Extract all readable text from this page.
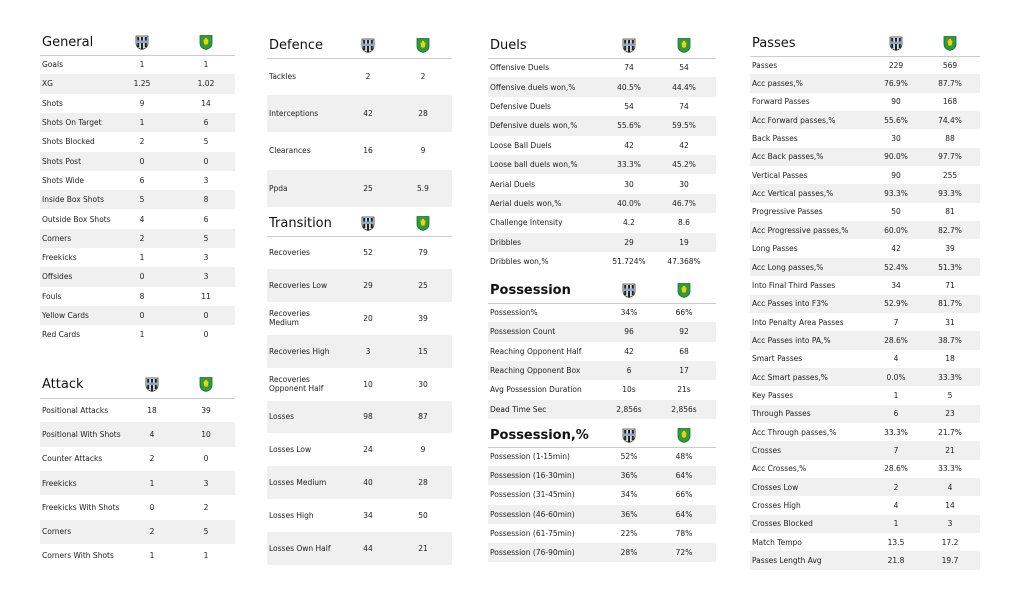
General
Goals	1	1
XG	1.25	1.02
Shots	9	14
Shots On Target	1	6
Shots Blocked	2	5
Shots Post	0	0
Shots Wide	6	3
Inside Box Shots	5	8
Outside Box Shots	4	6
Corners	2	5
Freekicks	1	3
Offsides	0	3
Fouls	8	11
Yellow Cards	0	0
Red Cards	1	0
Attack
Positional Attacks	18	39
Positional With Shots	4	10
Counter Attacks	2	0
Freekicks	1	3
Freekicks With Shots	0	2
Corners	2	5
Corners With Shots	1	1
Defence
Tackles	2	2
Interceptions	42	28
Clearances	16	9
Ppda	25	5.9
Transition
Recoveries	52	79
Recoveries Low	29	25
Recoveries Medium	20	39
Recoveries High	3	15
Recoveries Opponent Half	10	30
Losses	98	87
Losses Low	24	9
Losses Medium	40	28
Losses High	34	50
Losses Own Half	44	21
Duels
Offensive Duels	74	54
Offensive duels won,%	40.5%	44.4%
Defensive Duels	54	74
Defensive duels won,%	55.6%	59.5%
Loose Ball Duels	42	42
Loose ball duels won,%	33.3%	45.2%
Aerial Duels	30	30
Aerial duels won,%	40.0%	46.7%
Challenge Intensity	4.2	8.6
Dribbles	29	19
Dribbles won,%	51.724%	47.368%
Possession
Possession%	34%	66%
Possession Count	96	92
Reaching Opponent Half	42	68
Reaching Opponent Box	6	17
Avg Possession Duration	10s	21s
Dead Time Sec	2,856s	2,856s
Possession,%
Possession (1-15min)	52%	48%
Possession (16-30min)	36%	64%
Possession (31-45min)	34%	66%
Possession (46-60min)	36%	64%
Possession (61-75min)	22%	78%
Possession (76-90min)	28%	72%
Passes
Passes	229	569
Acc passes,%	76.9%	87.7%
Forward Passes	90	168
Acc Forward passes,%	55.6%	74.4%
Back Passes	30	88
Acc Back passes,%	90.0%	97.7%
Vertical Passes	90	255
Acc Vertical passes,%	93.3%	93.3%
Progressive Passes	50	81
Acc Progressive passes,%	60.0%	82.7%
Long Passes	42	39
Acc Long passes,%	52.4%	51.3%
Into Final Third Passes	34	71
Acc Passes into F3%	52.9%	81.7%
Into Penalty Area Passes	7	31
Acc Passes into PA,%	28.6%	38.7%
Smart Passes	4	18
Acc Smart passes,%	0.0%	33.3%
Key Passes	1	5
Through Passes	6	23
Acc Through passes,%	33.3%	21.7%
Crosses	7	21
Acc Crosses,%	28.6%	33.3%
Crosses Low	2	4
Crosses High	4	14
Crosses Blocked	1	3
Match Tempo	13.5	17.2
Passes Length Avg	21.8	19.7
